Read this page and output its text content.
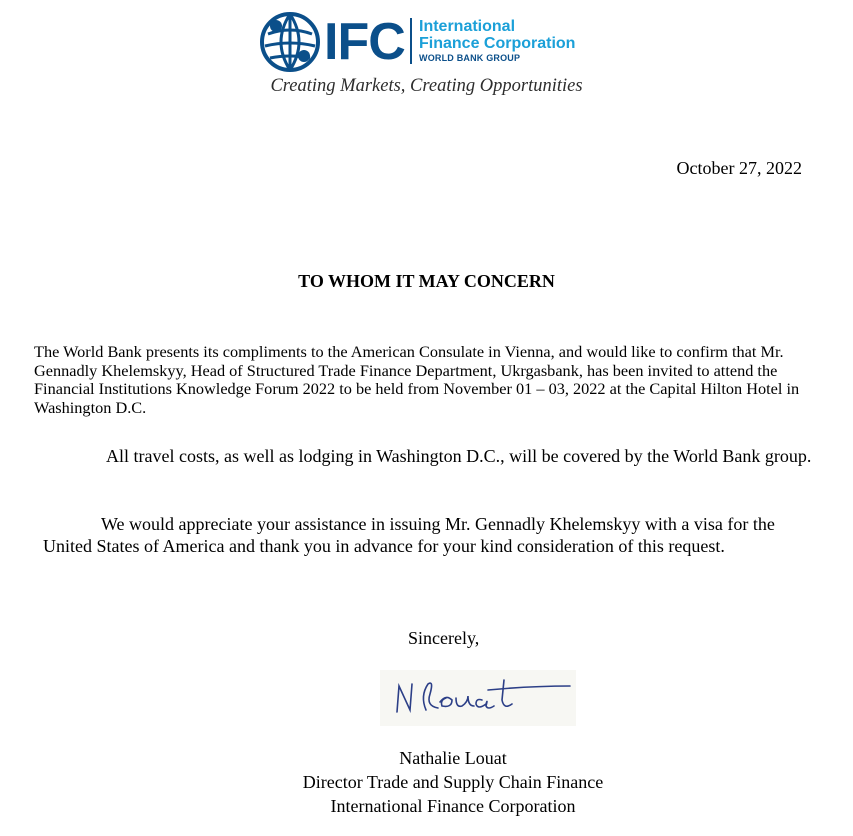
IFC International
Finance Corporation
WORLD BANK GROUP
Creating Markets, Creating Opportunities
October 27, 2022
TO WHOM IT MAY CONCERN
The World Bank presents its compliments to the American Consulate in Vienna, and would like to confirm that Mr. Gennadly Khelemskyy, Head of Structured Trade Finance Department, Ukrgasbank, has been invited to attend the Financial Institutions Knowledge Forum 2022 to be held from November 01 – 03, 2022 at the Capital Hilton Hotel in Washington D.C.
All travel costs, as well as lodging in Washington D.C., will be covered by the World Bank group.
We would appreciate your assistance in issuing Mr. Gennadly Khelemskyy with a visa for the United States of America and thank you in advance for your kind consideration of this request.
Sincerely,
Nathalie Louat
Director Trade and Supply Chain Finance
International Finance Corporation
